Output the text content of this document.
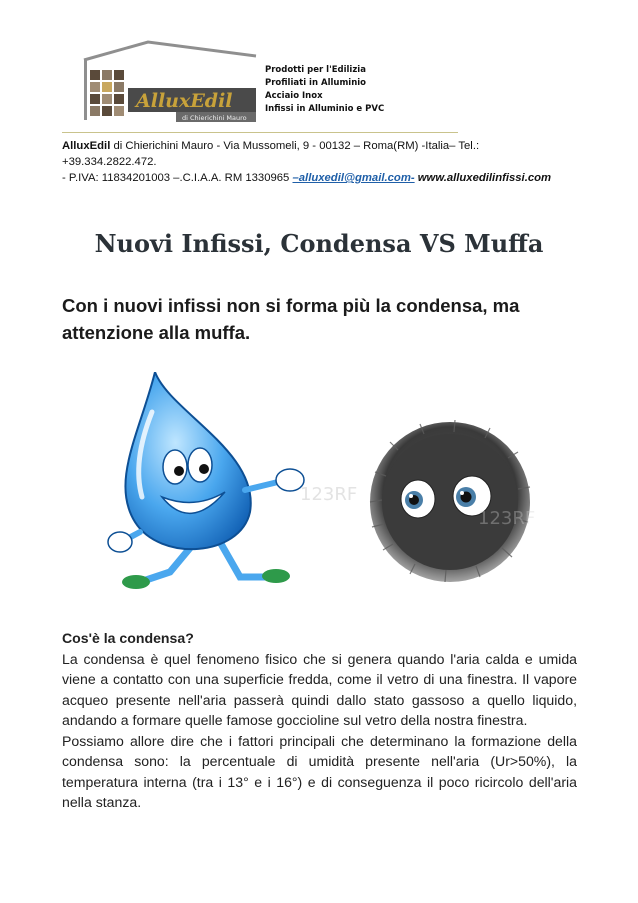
AlluxEdil
di Chierichini Mauro
Prodotti per l'Edilizia
Profiliati in Alluminio
Acciaio Inox
Infissi in Alluminio e PVC
AlluxEdil di Chierichini Mauro - Via Mussomeli, 9 - 00132 – Roma(RM) -Italia– Tel.:
+39.334.2822.472.
- P.IVA: 11834201003 –.C.I.A.A. RM 1330965 –alluxedil@gmail.com- www.alluxedilinfissi.com
Nuovi Infissi, Condensa VS Muffa
Con i nuovi infissi non si forma più la condensa, ma attenzione alla muffa.
123RF
123RF

Cos'è la condensa?

La condensa è quel fenomeno fisico che si genera quando l'aria calda e umida viene a contatto con una superficie fredda, come il vetro di una finestra. Il vapore acqueo presente nell'aria passerà quindi dallo stato gassoso a quello liquido, andando a formare quelle famose goccioline sul vetro della nostra finestra.

Possiamo allore dire che i fattori principali che determinano la formazione della condensa sono: la percentuale di umidità presente nell'aria (Ur>50%), la temperatura interna (tra i 13° e i 16°) e di conseguenza il poco ricircolo dell'aria nella stanza.
